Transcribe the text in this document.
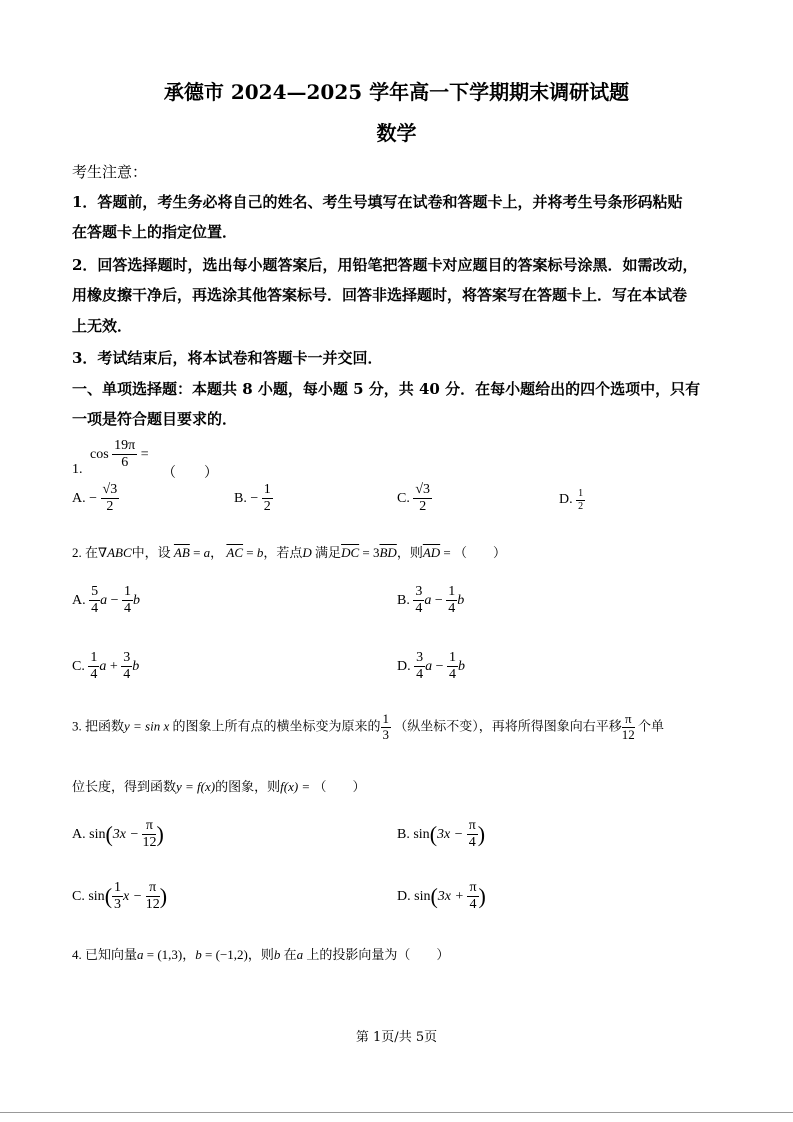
承德市 2024—2025 学年高一下学期期末调研试题
数学
考生注意：
1．答题前，考生务必将自己的姓名、考生号填写在试卷和答题卡上，并将考生号条形码粘贴
在答题卡上的指定位置．
2．回答选择题时，选出每小题答案后，用铅笔把答题卡对应题目的答案标号涂黑．如需改动，
用橡皮擦干净后，再选涂其他答案标号．回答非选择题时，将答案写在答题卡上．写在本试卷
上无效．
3．考试结束后，将本试卷和答题卡一并交回．
一、单项选择题：本题共 8 小题，每小题 5 分，共 40 分．在每小题给出的四个选项中，只有
一项是符合题目要求的．
1.
$\cos \frac{19\pi}{6}$ =
（　　）
A. − $\frac{√3}{2}$	B. − $\frac{1}{2}$	C. $\frac{√3}{2}$	D. $\frac{1}{2}$
2. 在∇ABC中，设 $\overline{AB} = a$， $\overline{AC} = b$，若点D 满足$\overline{DC} = 3\overline{BD}$，则$\overline{AD}$ = （　　）
A. $\frac{5}{4}$ $a - \frac{1}{4}$ b	B. $\frac{3}{4}$ $a - \frac{1}{4}$ b
C. $\frac{1}{4}$ $a + \frac{3}{4}$ b	D. $\frac{3}{4}$ $a - \frac{1}{4}$ b
3. 把函数y = sin x 的图象上所有点的横坐标变为原来的 $\frac{1}{3}$ （纵坐标不变），再将所得图象向右平移 $\frac{\pi}{12}$ 个单
位长度，得到函数y = f(x)的图象，则f(x) = （　　）
A. $\sin(3x - \frac{\pi}{12}$ )	B. $\sin(3x - \frac{\pi}{4}$ )
C. $\sin( \frac{1}{3}$ $x - \frac{\pi}{12}$ )	D. $\sin(3x + \frac{\pi}{4}$ )
4. 已知向量a = (1,3)，b = (−1,2)，则b 在a 上的投影向量为（　　）
第 1页/共 5页
